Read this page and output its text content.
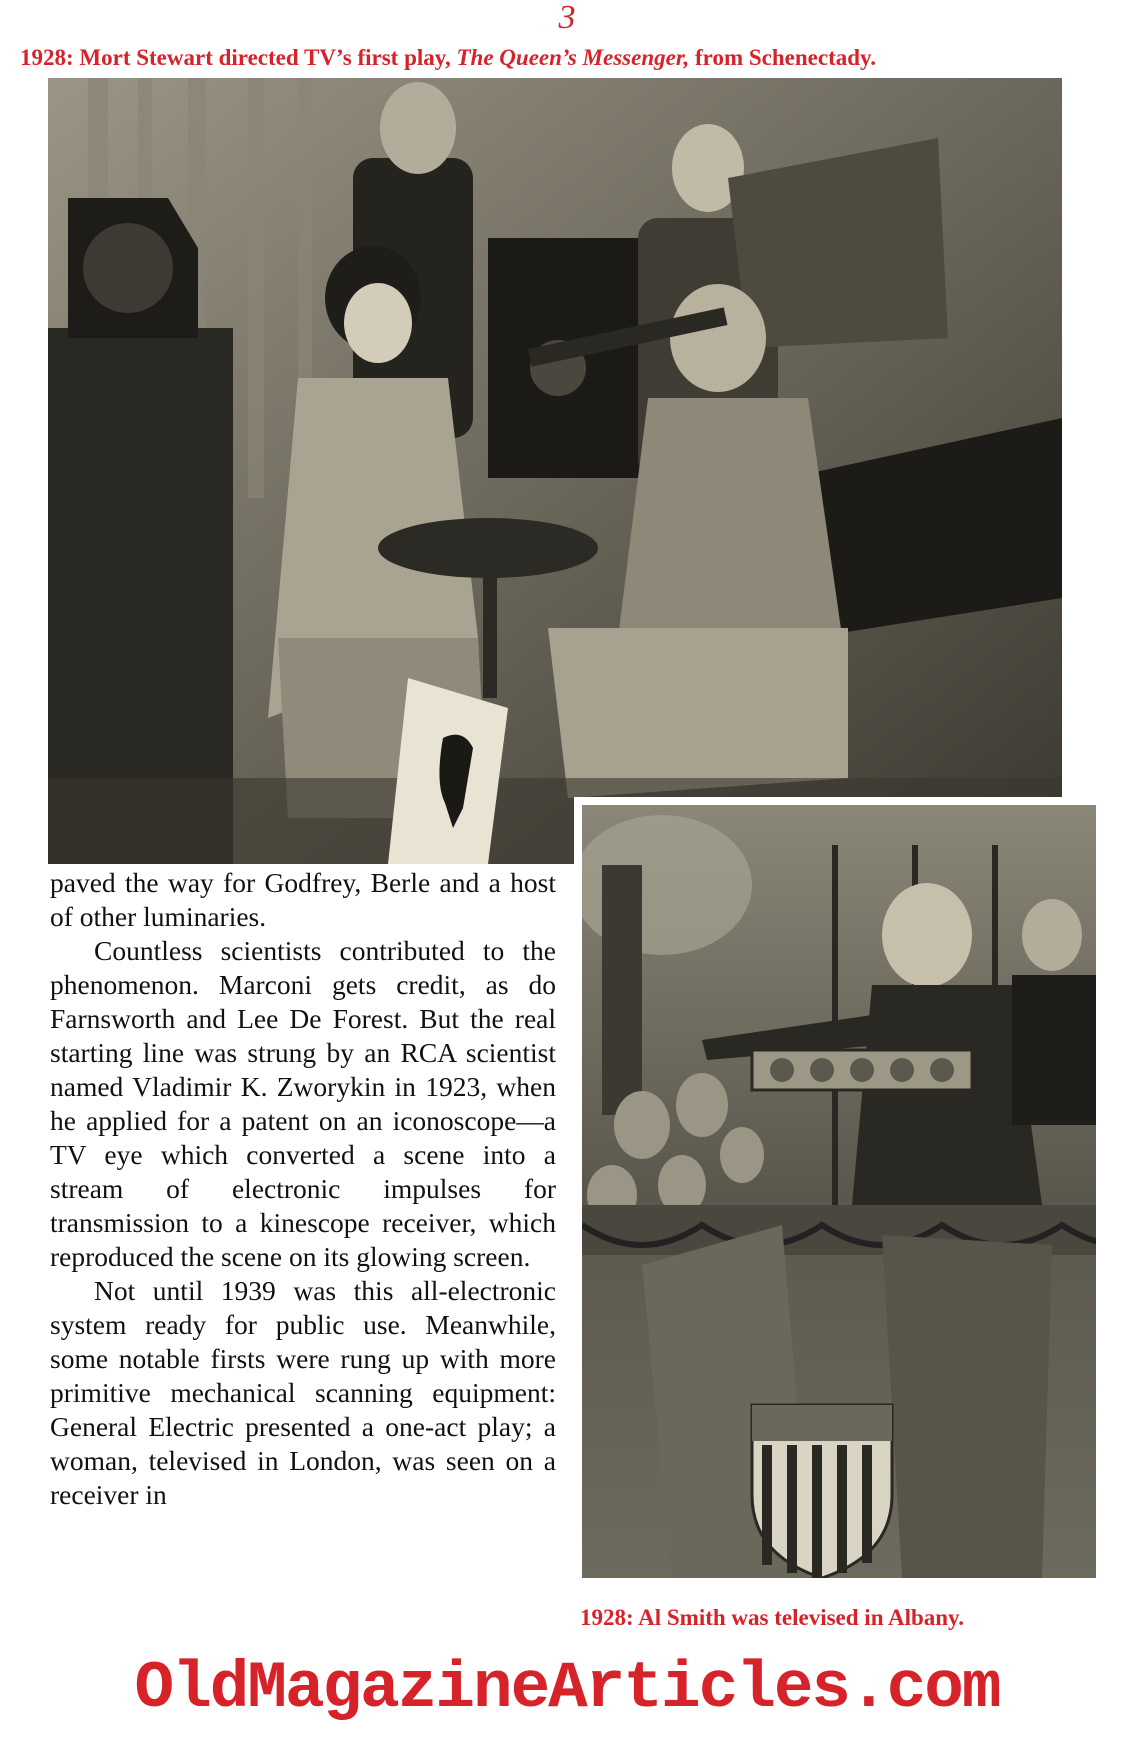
3
1928: Mort Stewart directed TV’s first play, The Queen’s Messenger, from Schenectady.

paved the way for Godfrey, Berle and a host of other luminaries.

Countless scientists contributed to the phenomenon. Marconi gets credit, as do Farnsworth and Lee De Forest. But the real starting line was strung by an RCA scientist named Vladimir K. Zworykin in 1923, when he applied for a patent on an iconoscope—a TV eye which converted a scene into a stream of electronic impulses for transmission to a kinescope receiver, which reproduced the scene on its glowing screen.

Not until 1939 was this all-electronic system ready for public use. Meanwhile, some notable firsts were rung up with more primitive mechanical scanning equipment: General Electric presented a one-act play; a woman, televised in London, was seen on a receiver in

1928: Al Smith was televised in Albany.
OldMagazineArticles.com
